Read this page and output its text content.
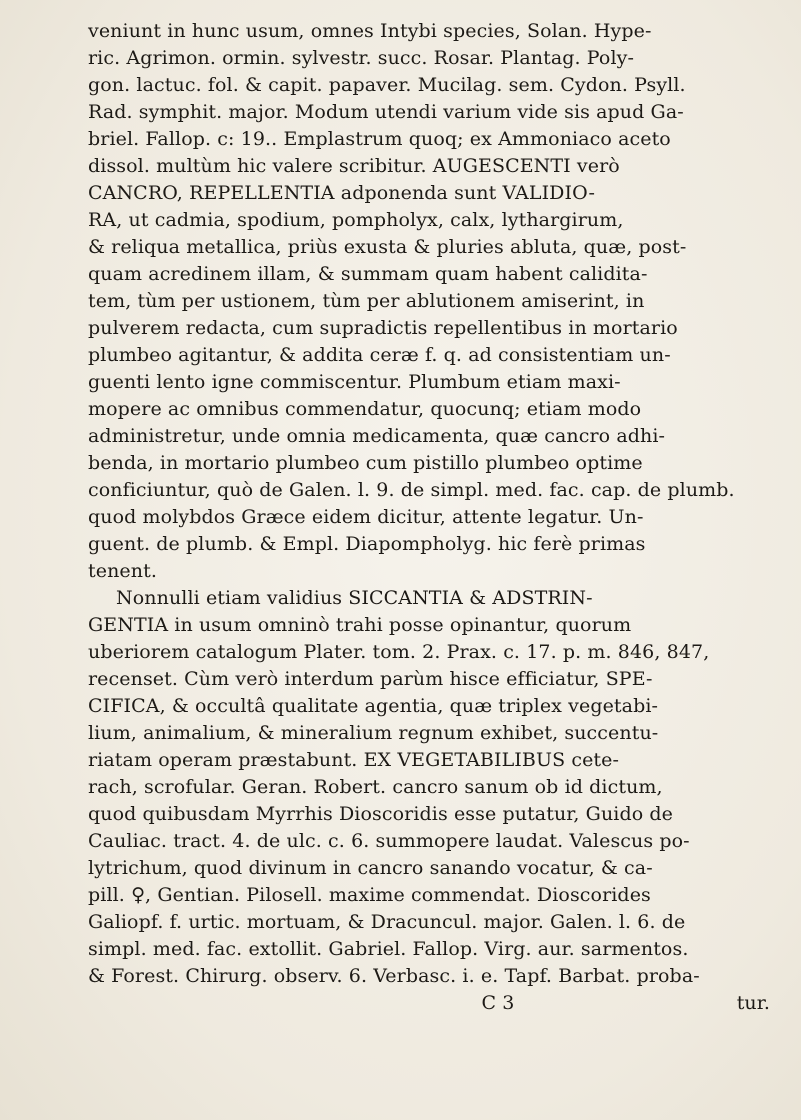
veniunt in hunc usum, omnes Intybi species, Solan. Hype-
ric. Agrimon. ormin. sylvestr. succ. Rosar. Plantag. Poly-
gon. lactuc. fol. & capit. papaver. Mucilag. sem. Cydon. Psyll.
Rad. symphit. major. Modum utendi varium vide sis apud Ga-
briel. Fallop. c: 19.. Emplastrum quoq; ex Ammoniaco aceto
dissol. multùm hic valere scribitur. AUGESCENTI verò
CANCRO, REPELLENTIA adponenda sunt VALIDIO-
RA, ut cadmia, spodium, pompholyx, calx, lythargirum,
& reliqua metallica, priùs exusta & pluries abluta, quæ, post-
quam acredinem illam, & summam quam habent calidita-
tem, tùm per ustionem, tùm per ablutionem amiserint, in
pulverem redacta, cum supradictis repellentibus in mortario
plumbeo agitantur, & addita ceræ f. q. ad consistentiam un-
guenti lento igne commiscentur. Plumbum etiam maxi-
mopere ac omnibus commendatur, quocunq; etiam modo
administretur, unde omnia medicamenta, quæ cancro adhi-
benda, in mortario plumbeo cum pistillo plumbeo optime
conficiuntur, quò de Galen. l. 9. de simpl. med. fac. cap. de plumb.
quod molybdos Græce eidem dicitur, attente legatur. Un-
guent. de plumb. & Empl. Diapompholyg. hic ferè primas
tenent.
Nonnulli etiam validius SICCANTIA & ADSTRIN-
GENTIA in usum omninò trahi posse opinantur, quorum
uberiorem catalogum Plater. tom. 2. Prax. c. 17. p. m. 846, 847,
recenset. Cùm verò interdum parùm hisce efficiatur, SPE-
CIFICA, & occultâ qualitate agentia, quæ triplex vegetabi-
lium, animalium, & mineralium regnum exhibet, succentu-
riatam operam præstabunt. EX VEGETABILIBUS cete-
rach, scrofular. Geran. Robert. cancro sanum ob id dictum,
quod quibusdam Myrrhis Dioscoridis esse putatur, Guido de
Cauliac. tract. 4. de ulc. c. 6. summopere laudat. Valescus po-
lytrichum, quod divinum in cancro sanando vocatur, & ca-
pill. ♀, Gentian. Pilosell. maxime commendat. Dioscorides
Galiopf. f. urtic. mortuam, & Dracuncul. major. Galen. l. 6. de
simpl. med. fac. extollit. Gabriel. Fallop. Virg. aur. sarmentos.
& Forest. Chirurg. observ. 6. Verbasc. i. e. Tapf. Barbat. proba-
C 3	tur.
